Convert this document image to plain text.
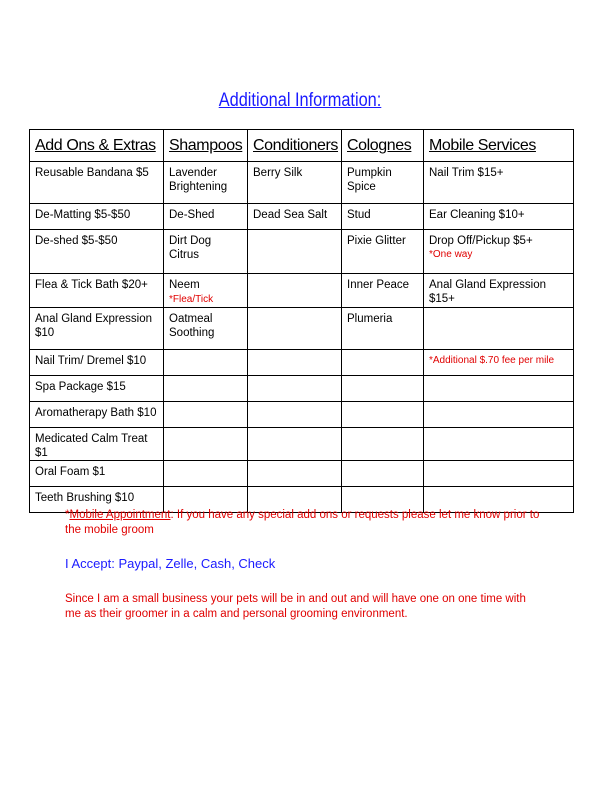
Additional Information:
Add Ons & Extras	Shampoos	Conditioners	Colognes	Mobile Services

Reusable Bandana $5	Lavender Brightening	Berry Silk	Pumpkin Spice	Nail Trim $15+

De-Matting $5-$50	De-Shed	Dead Sea Salt	Stud	Ear Cleaning $10+

De-shed $5-$50	Dirt Dog Citrus		Pixie Glitter	Drop Off/Pickup $5+
*One way

Flea & Tick Bath $20+	Neem *Flea/Tick		Inner Peace	Anal Gland Expression $15+

Anal Gland Expression $10	Oatmeal Soothing		Plumeria	

Nail Trim/ Dremel $10				*Additional $.70 fee per mile

Spa Package $15				

Aromatherapy Bath $10				

Medicated Calm Treat $1				

Oral Foam $1				

Teeth Brushing $10				

*Mobile Appointment: If you have any special add ons or requests please let me know prior to the mobile groom
I Accept: Paypal, Zelle, Cash, Check
Since I am a small business your pets will be in and out and will have one on one time with me as their groomer in a calm and personal grooming environment.
